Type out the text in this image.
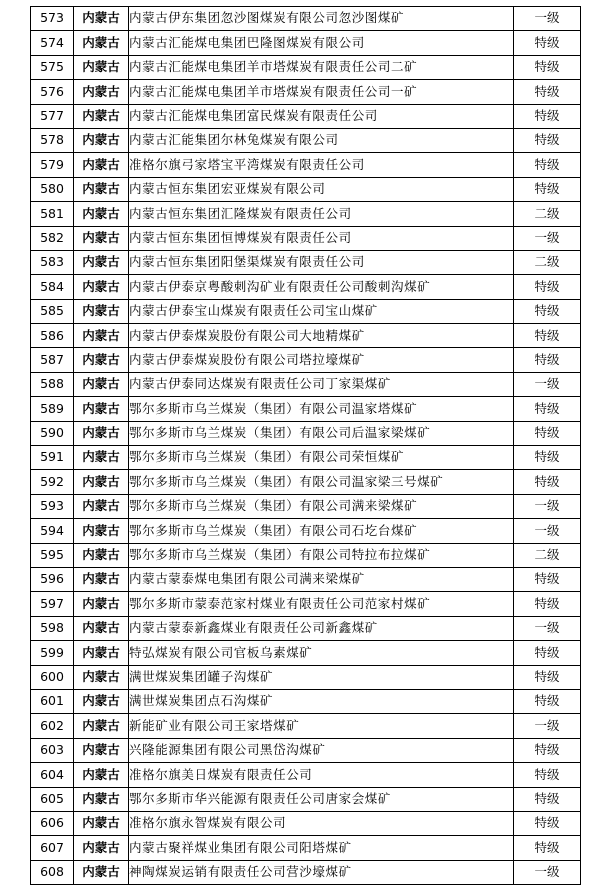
573	内蒙古	内蒙古伊东集团忽沙图煤炭有限公司忽沙图煤矿	一级
574	内蒙古	内蒙古汇能煤电集团巴隆图煤炭有限公司	特级
575	内蒙古	内蒙古汇能煤电集团羊市塔煤炭有限责任公司二矿	特级
576	内蒙古	内蒙古汇能煤电集团羊市塔煤炭有限责任公司一矿	特级
577	内蒙古	内蒙古汇能煤电集团富民煤炭有限责任公司	特级
578	内蒙古	内蒙古汇能集团尔林兔煤炭有限公司	特级
579	内蒙古	准格尔旗弓家塔宝平湾煤炭有限责任公司	特级
580	内蒙古	内蒙古恒东集团宏亚煤炭有限公司	特级
581	内蒙古	内蒙古恒东集团汇隆煤炭有限责任公司	二级
582	内蒙古	内蒙古恒东集团恒博煤炭有限责任公司	一级
583	内蒙古	内蒙古恒东集团阳堡渠煤炭有限责任公司	二级
584	内蒙古	内蒙古伊泰京粤酸刺沟矿业有限责任公司酸刺沟煤矿	特级
585	内蒙古	内蒙古伊泰宝山煤炭有限责任公司宝山煤矿	特级
586	内蒙古	内蒙古伊泰煤炭股份有限公司大地精煤矿	特级
587	内蒙古	内蒙古伊泰煤炭股份有限公司塔拉壕煤矿	特级
588	内蒙古	内蒙古伊泰同达煤炭有限责任公司丁家渠煤矿	一级
589	内蒙古	鄂尔多斯市乌兰煤炭（集团）有限公司温家塔煤矿	特级
590	内蒙古	鄂尔多斯市乌兰煤炭（集团）有限公司后温家梁煤矿	特级
591	内蒙古	鄂尔多斯市乌兰煤炭（集团）有限公司荣恒煤矿	特级
592	内蒙古	鄂尔多斯市乌兰煤炭（集团）有限公司温家梁三号煤矿	特级
593	内蒙古	鄂尔多斯市乌兰煤炭（集团）有限公司满来梁煤矿	一级
594	内蒙古	鄂尔多斯市乌兰煤炭（集团）有限公司石圪台煤矿	一级
595	内蒙古	鄂尔多斯市乌兰煤炭（集团）有限公司特拉布拉煤矿	二级
596	内蒙古	内蒙古蒙泰煤电集团有限公司满来梁煤矿	特级
597	内蒙古	鄂尔多斯市蒙泰范家村煤业有限责任公司范家村煤矿	特级
598	内蒙古	内蒙古蒙泰新鑫煤业有限责任公司新鑫煤矿	一级
599	内蒙古	特弘煤炭有限公司官板乌素煤矿	特级
600	内蒙古	满世煤炭集团罐子沟煤矿	特级
601	内蒙古	满世煤炭集团点石沟煤矿	特级
602	内蒙古	新能矿业有限公司王家塔煤矿	一级
603	内蒙古	兴隆能源集团有限公司黑岱沟煤矿	特级
604	内蒙古	准格尔旗美日煤炭有限责任公司	特级
605	内蒙古	鄂尔多斯市华兴能源有限责任公司唐家会煤矿	特级
606	内蒙古	准格尔旗永智煤炭有限公司	特级
607	内蒙古	内蒙古聚祥煤业集团有限公司阳塔煤矿	特级
608	内蒙古	神陶煤炭运销有限责任公司营沙壕煤矿	一级
